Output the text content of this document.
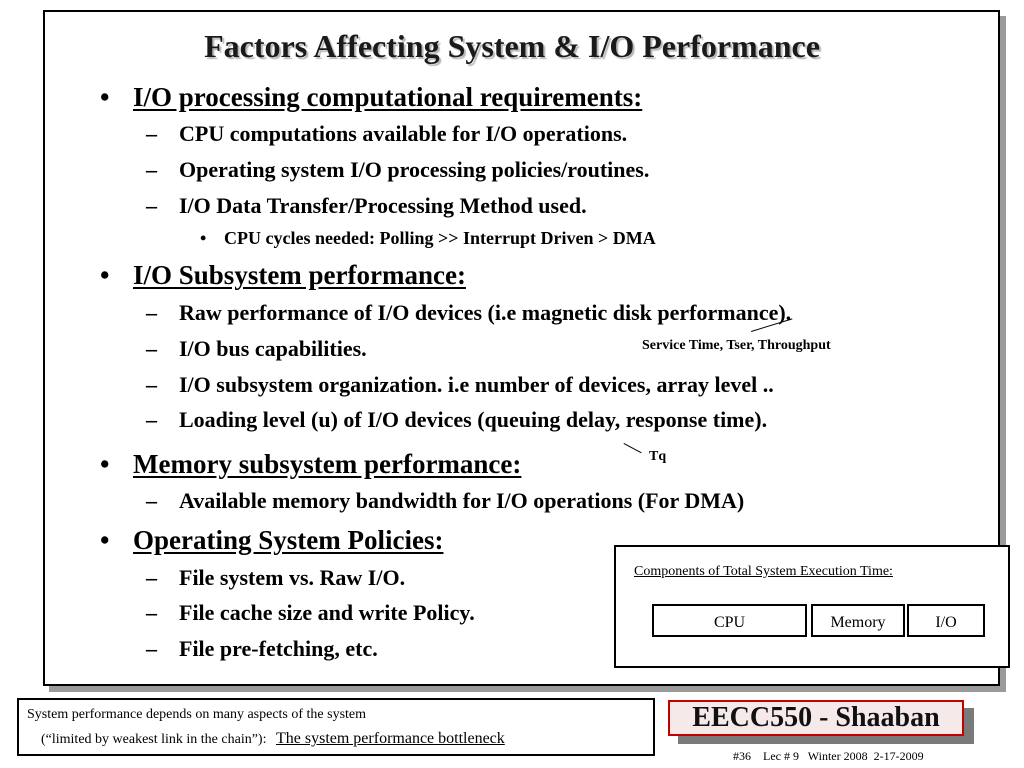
Factors Affecting System & I/O Performance
• I/O processing computational requirements:
– CPU computations available for I/O operations.
– Operating system I/O processing policies/routines.
– I/O Data Transfer/Processing Method used.
• CPU cycles needed: Polling >> Interrupt Driven > DMA
• I/O Subsystem performance:
– Raw performance of I/O devices (i.e magnetic disk performance).
– I/O bus capabilities.
– I/O subsystem organization. i.e number of devices, array level ..
– Loading level (u) of I/O devices (queuing delay, response time).
Service Time, Tser, Throughput
Tq
• Memory subsystem performance:
– Available memory bandwidth for I/O operations (For DMA)
• Operating System Policies:
– File system vs. Raw I/O.
– File cache size and write Policy.
– File pre-fetching, etc.
Components of Total System Execution Time:
CPU	Memory	I/O
System performance depends on many aspects of the system
(“limited by weakest link in the chain”): The system performance bottleneck
EECC550 - Shaaban
#36    Lec # 9   Winter 2008  2-17-2009
